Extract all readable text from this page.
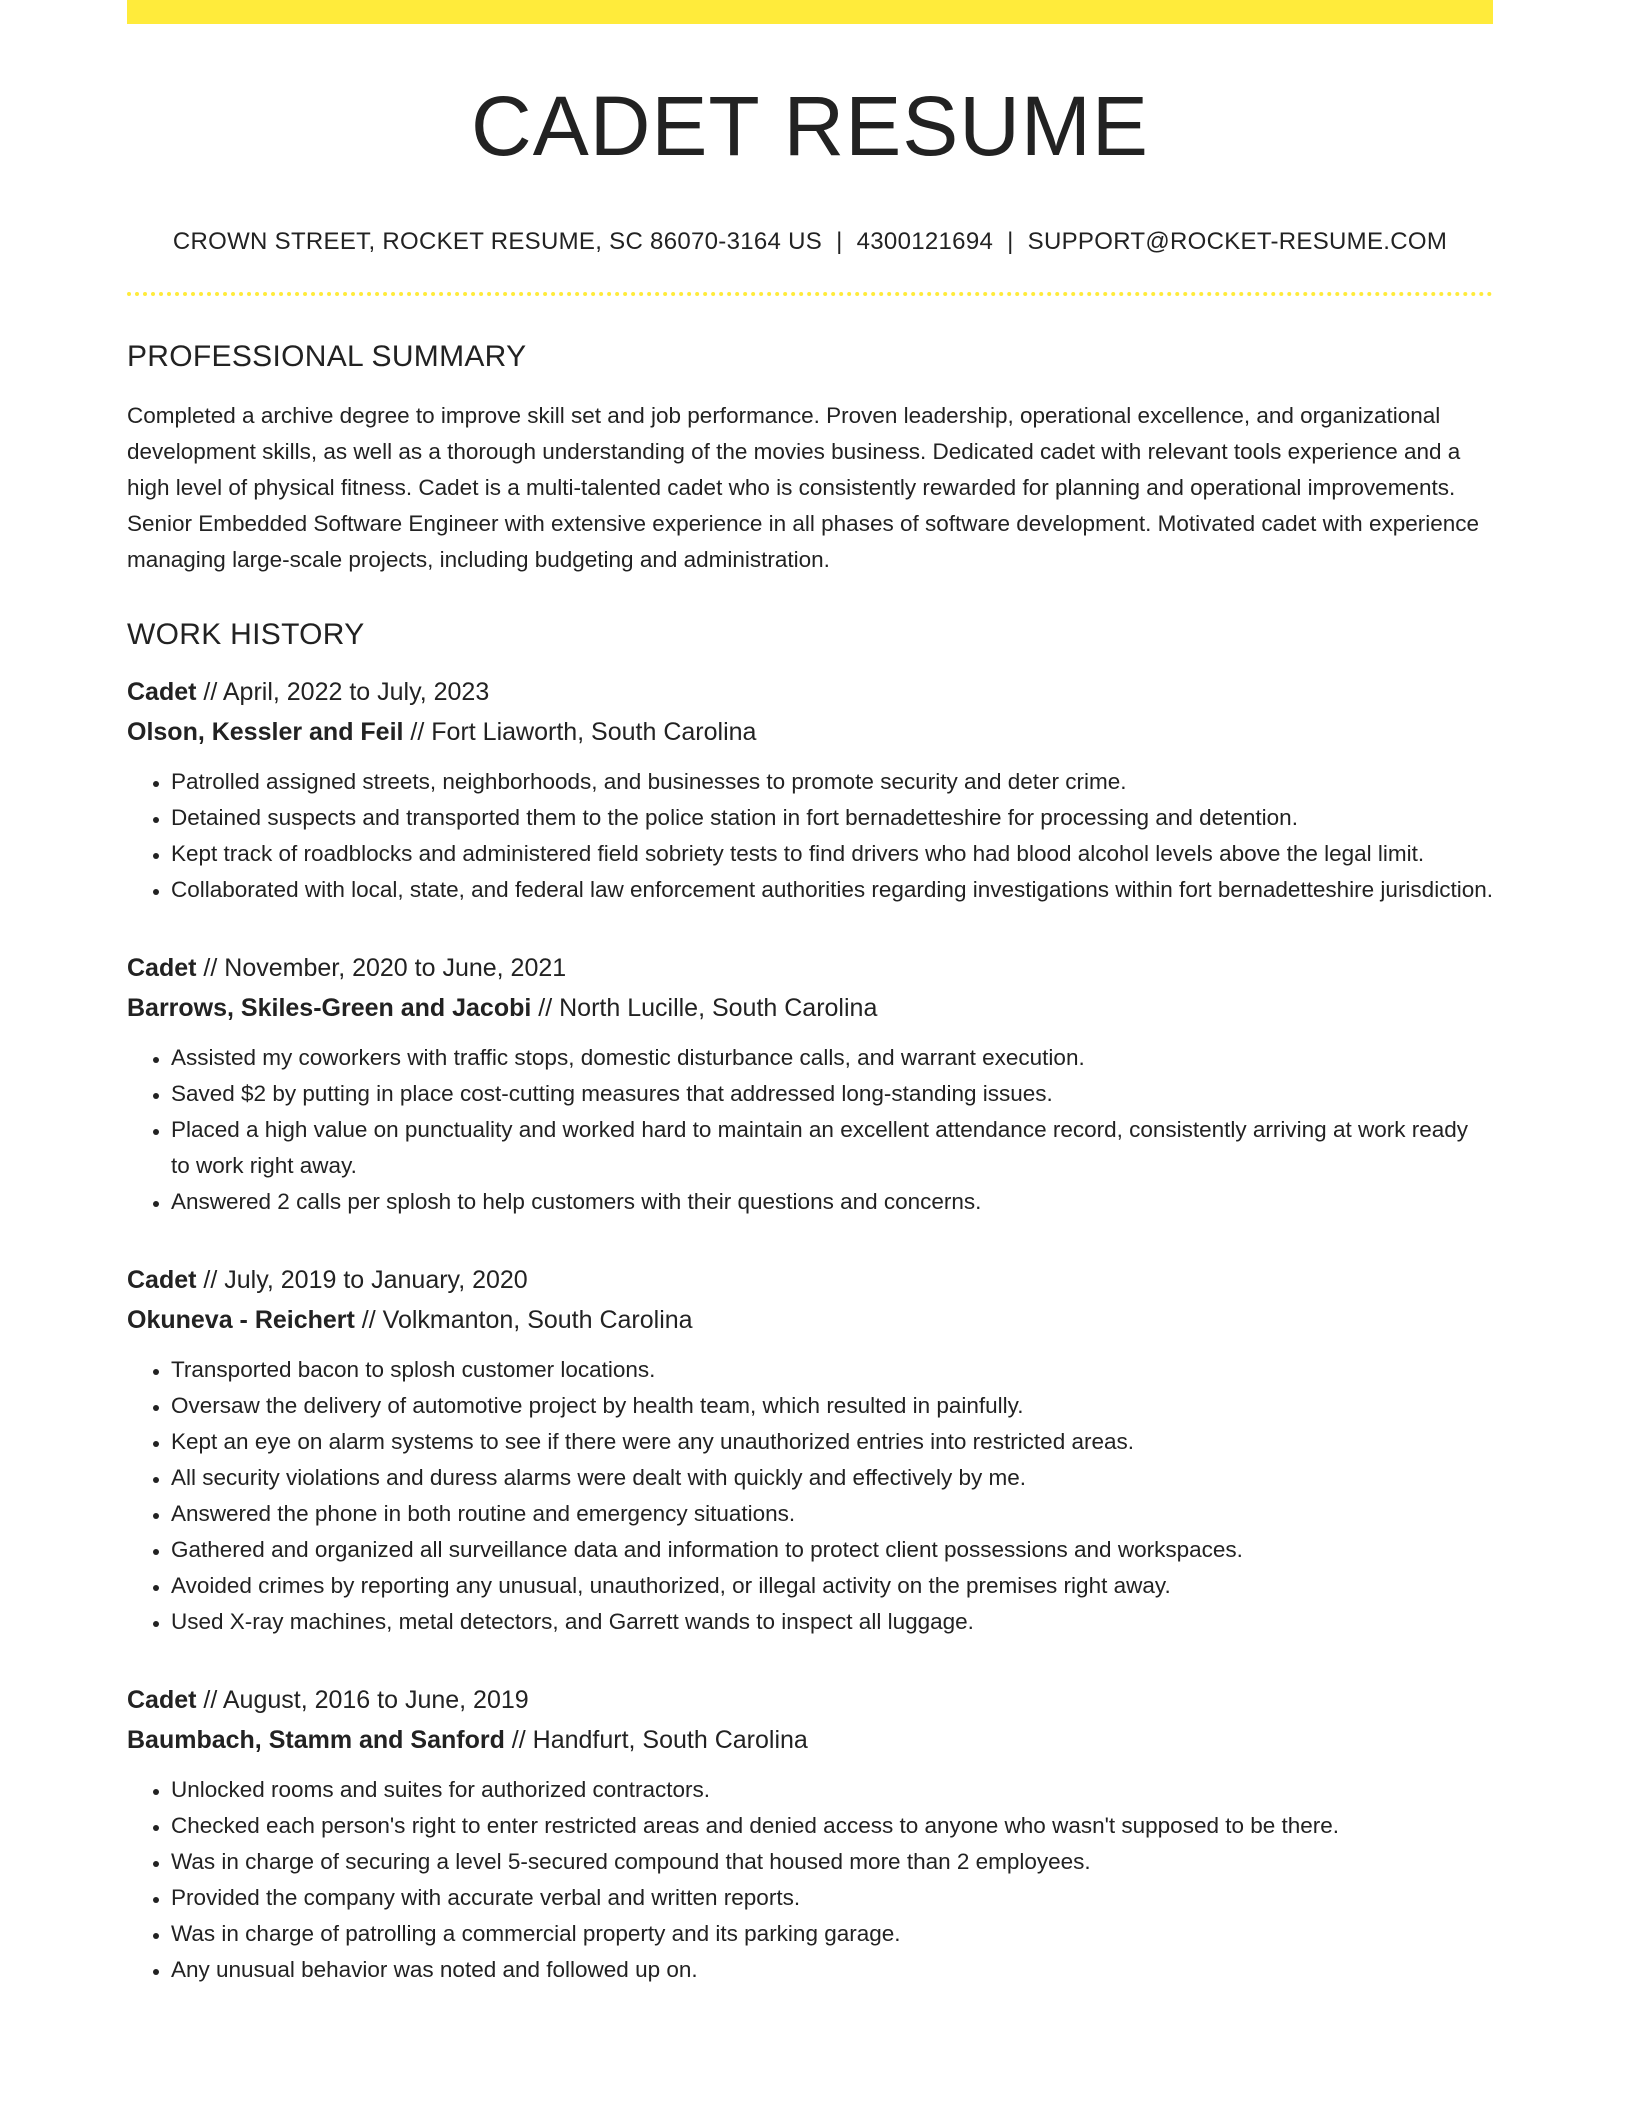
CADET RESUME
CROWN STREET, ROCKET RESUME, SC 86070-3164 US | 4300121694 | SUPPORT@ROCKET-RESUME.COM
PROFESSIONAL SUMMARY

Completed a archive degree to improve skill set and job performance. Proven leadership, operational excellence, and organizational development skills, as well as a thorough understanding of the movies business. Dedicated cadet with relevant tools experience and a high level of physical fitness. Cadet is a multi-talented cadet who is consistently rewarded for planning and operational improvements. Senior Embedded Software Engineer with extensive experience in all phases of software development. Motivated cadet with experience managing large-scale projects, including budgeting and administration.

WORK HISTORY
Cadet // April, 2022 to July, 2023
Olson, Kessler and Feil // Fort Liaworth, South Carolina
• Patrolled assigned streets, neighborhoods, and businesses to promote security and deter crime.
• Detained suspects and transported them to the police station in fort bernadetteshire for processing and detention.
• Kept track of roadblocks and administered field sobriety tests to find drivers who had blood alcohol levels above the legal limit.
• Collaborated with local, state, and federal law enforcement authorities regarding investigations within fort bernadetteshire jurisdiction.
Cadet // November, 2020 to June, 2021
Barrows, Skiles-Green and Jacobi // North Lucille, South Carolina
• Assisted my coworkers with traffic stops, domestic disturbance calls, and warrant execution.
• Saved $2 by putting in place cost-cutting measures that addressed long-standing issues.
• Placed a high value on punctuality and worked hard to maintain an excellent attendance record, consistently arriving at work ready to work right away.
• Answered 2 calls per splosh to help customers with their questions and concerns.
Cadet // July, 2019 to January, 2020
Okuneva - Reichert // Volkmanton, South Carolina
• Transported bacon to splosh customer locations.
• Oversaw the delivery of automotive project by health team, which resulted in painfully.
• Kept an eye on alarm systems to see if there were any unauthorized entries into restricted areas.
• All security violations and duress alarms were dealt with quickly and effectively by me.
• Answered the phone in both routine and emergency situations.
• Gathered and organized all surveillance data and information to protect client possessions and workspaces.
• Avoided crimes by reporting any unusual, unauthorized, or illegal activity on the premises right away.
• Used X-ray machines, metal detectors, and Garrett wands to inspect all luggage.
Cadet // August, 2016 to June, 2019
Baumbach, Stamm and Sanford // Handfurt, South Carolina
• Unlocked rooms and suites for authorized contractors.
• Checked each person's right to enter restricted areas and denied access to anyone who wasn't supposed to be there.
• Was in charge of securing a level 5-secured compound that housed more than 2 employees.
• Provided the company with accurate verbal and written reports.
• Was in charge of patrolling a commercial property and its parking garage.
• Any unusual behavior was noted and followed up on.
